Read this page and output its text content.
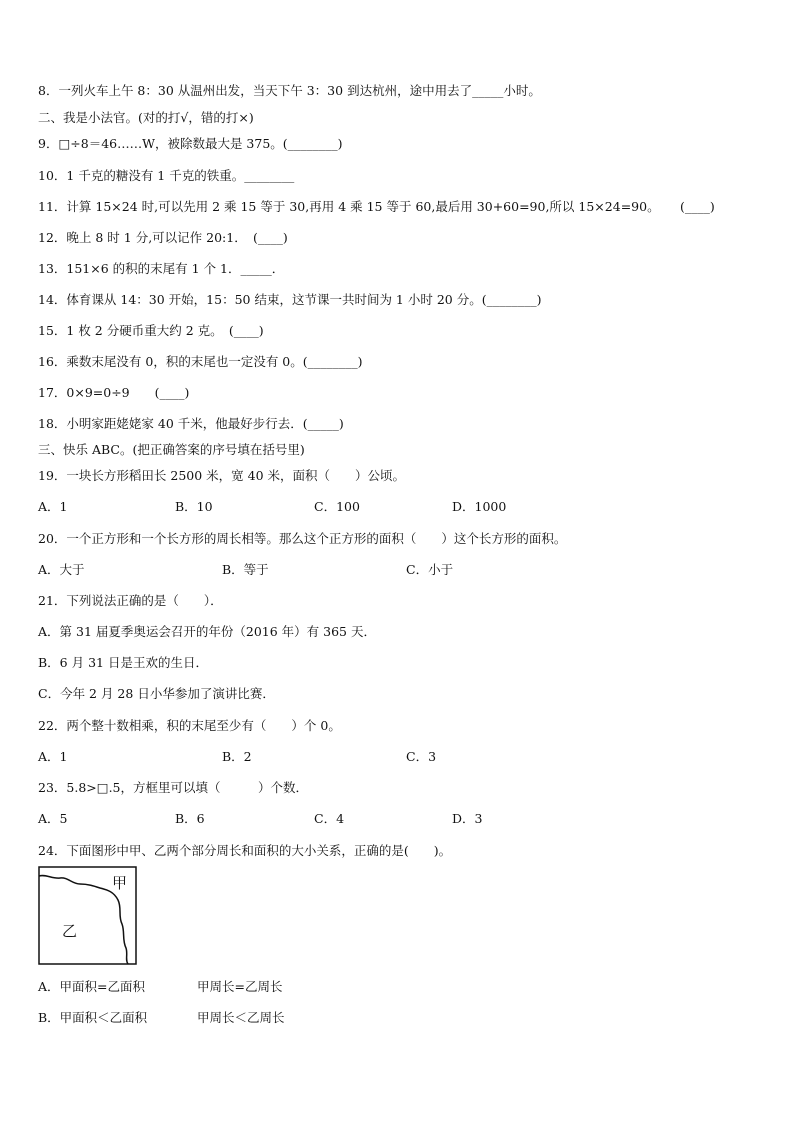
8．一列火车上午 8：30 从温州出发，当天下午 3：30 到达杭州，途中用去了_____小时。
二、我是小法官。(对的打√，错的打×)
9．□÷8＝46……W，被除数最大是 375。(________)
10．1 千克的糖没有 1 千克的铁重。________
11．计算 15×24 时,可以先用 2 乘 15 等于 30,再用 4 乘 15 等于 60,最后用 30+60=90,所以 15×24=90。 (____)
12．晚上 8 时 1 分,可以记作 20:1．　(____)
13．151×6 的积的末尾有 1 个 1．_____．
14．体育课从 14：30 开始，15：50 结束，这节课一共时间为 1 小时 20 分。(________)
15．1 枚 2 分硬币重大约 2 克。　(____)
16．乘数末尾没有 0，积的末尾也一定没有 0。(________)
17．0×9=0÷9　　(____)
18．小明家距姥姥家 40 千米，他最好步行去．(_____)
三、快乐 ABC。(把正确答案的序号填在括号里)
19．一块长方形稻田长 2500 米，宽 40 米，面积（　　）公顷。
A．1	B．10	C．100	D．1000
20．一个正方形和一个长方形的周长相等。那么这个正方形的面积（　　）这个长方形的面积。
A．大于	B．等于	C．小于
21．下列说法正确的是（　　）．
A．第 31 届夏季奥运会召开的年份（2016 年）有 365 天．
B．6 月 31 日是王欢的生日．
C．今年 2 月 28 日小华参加了演讲比赛．
22．两个整十数相乘，积的末尾至少有（　　）个 0。
A．1	B．2	C．3
23．5.8>□.5，方框里可以填（　　　）个数．
A．5	B．6	C．4	D．3
24．下面图形中甲、乙两个部分周长和面积的大小关系，正确的是(　　)。
甲
乙
A．甲面积=乙面积	甲周长=乙周长
B．甲面积＜乙面积	甲周长＜乙周长
